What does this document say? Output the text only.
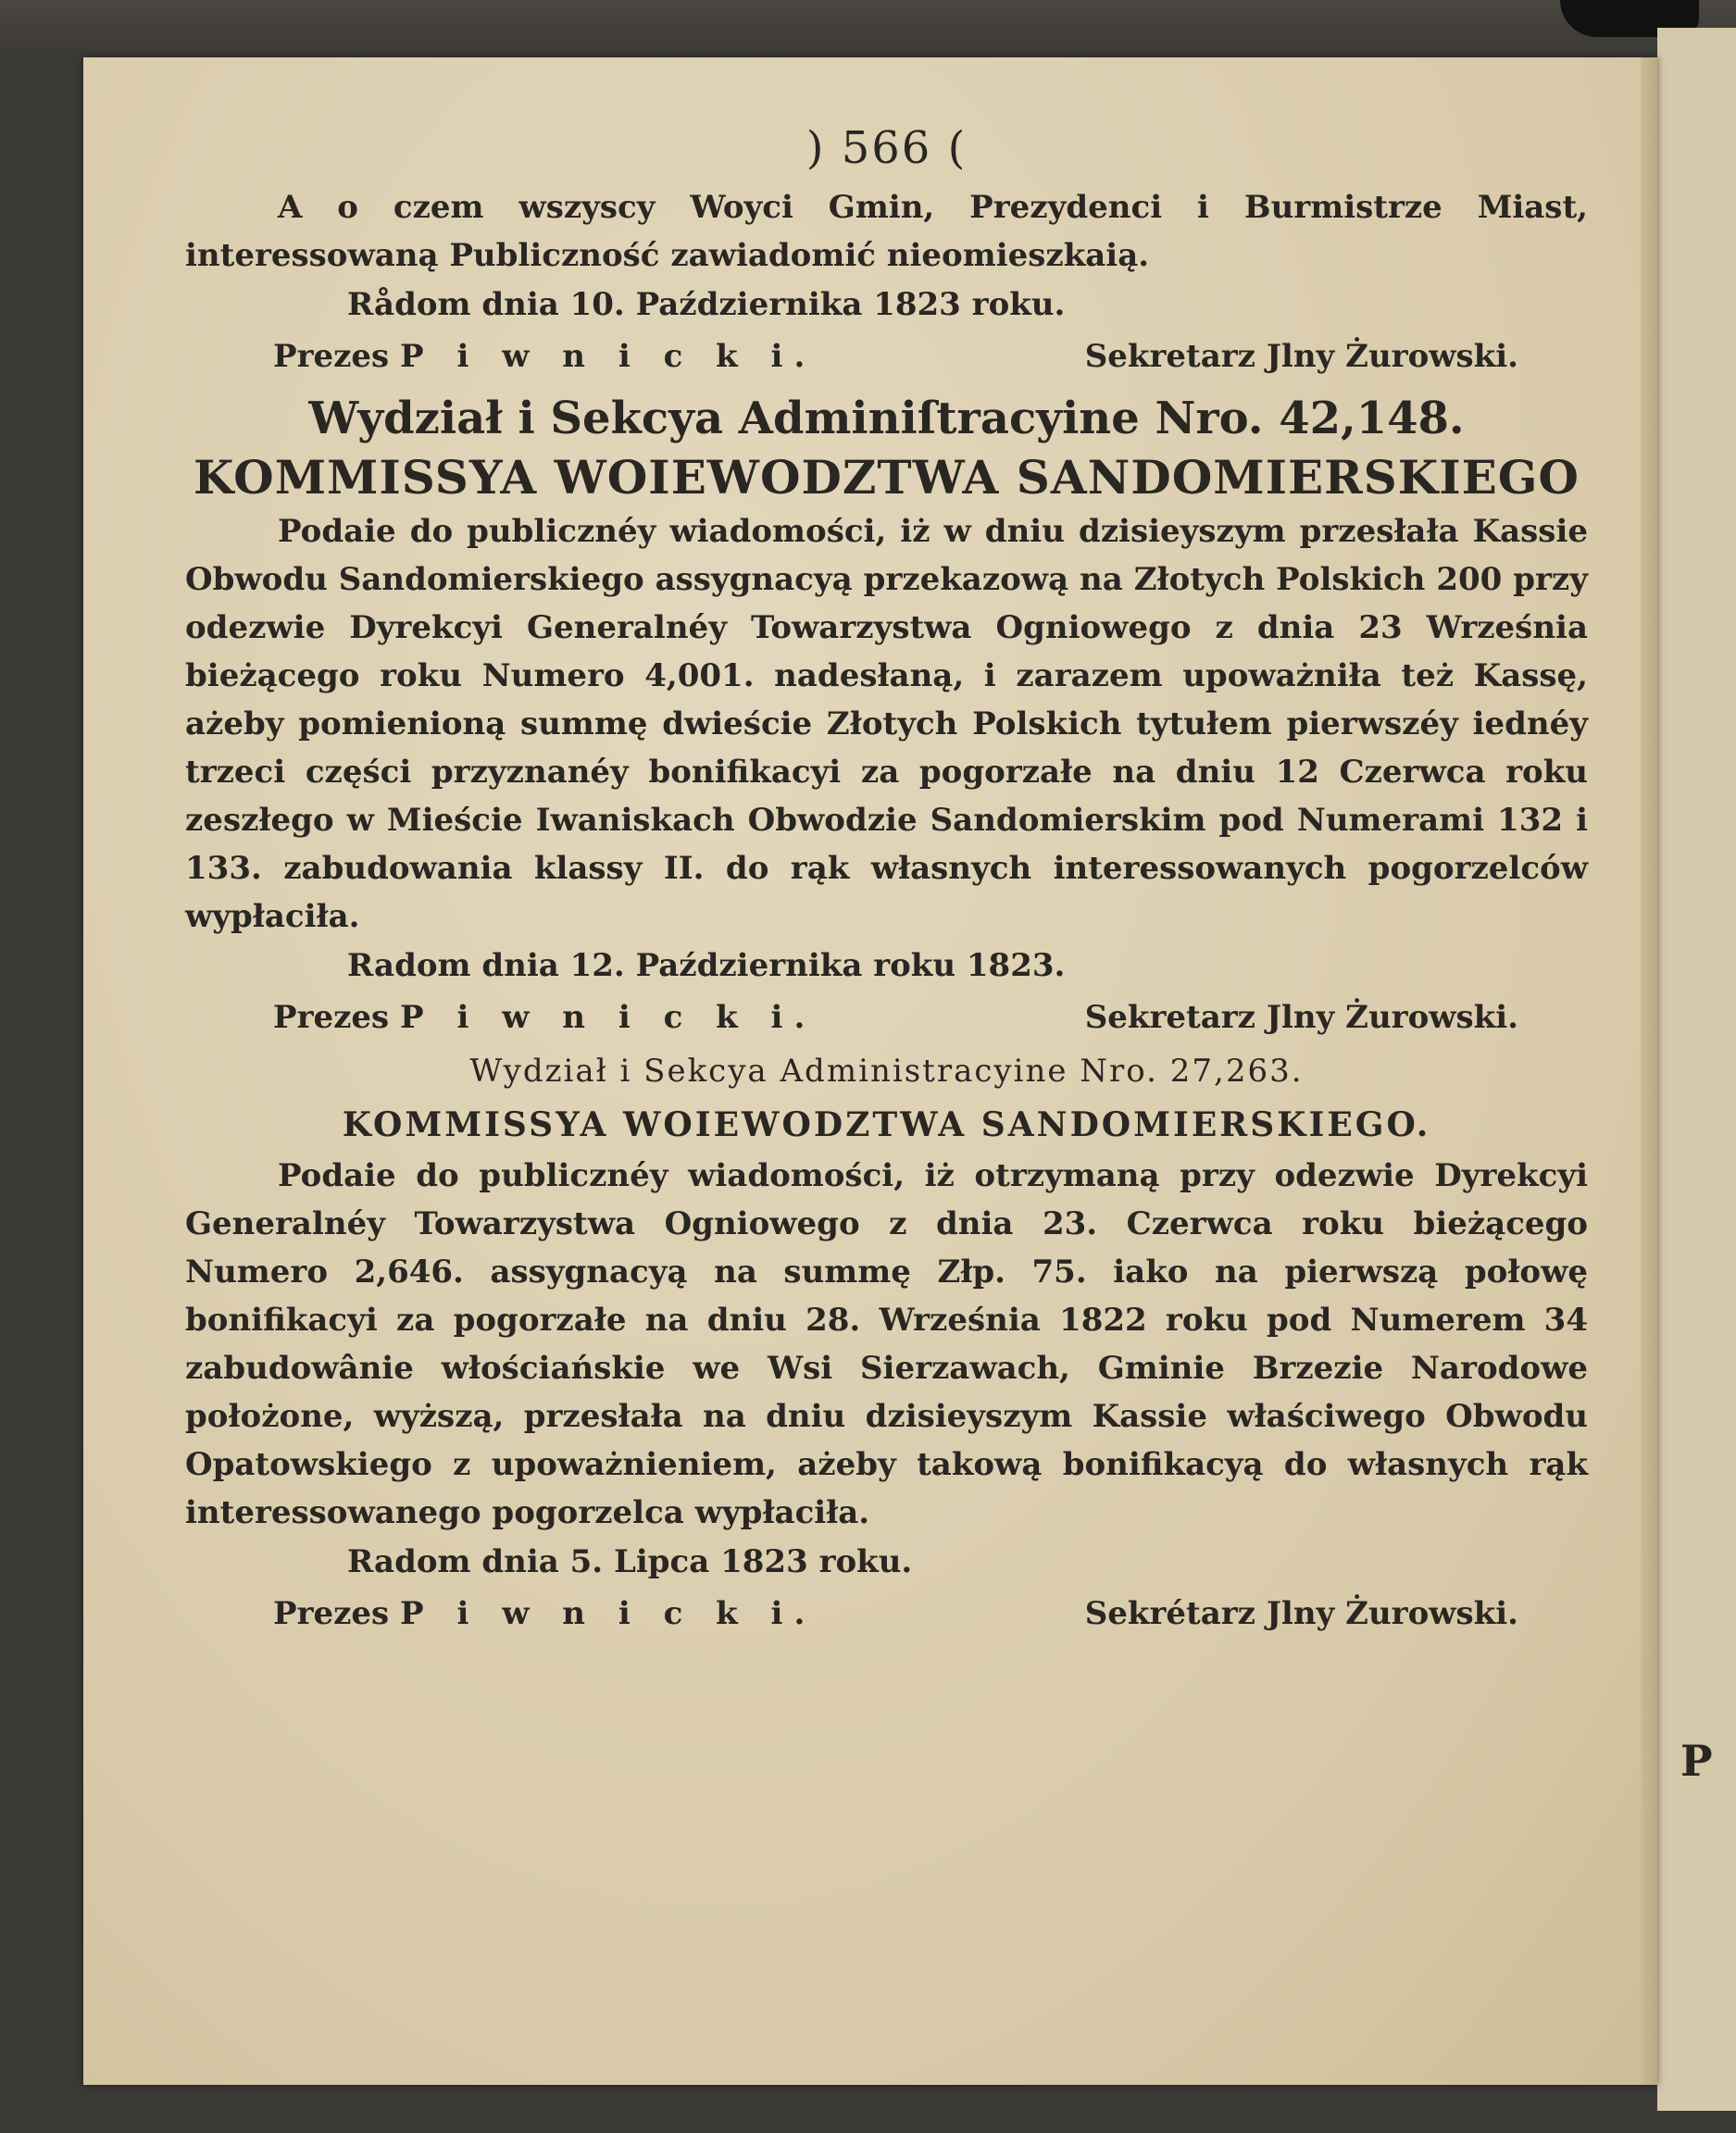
P
) 566 (

A o czem wszyscy Woyci Gmin, Prezydenci i Burmistrze Miast, interessowaną Publiczność zawiadomić nieomieszkaią.

Rådom dnia 10. Października 1823 roku.

Prezes P i w n i c k i.	Sekretarz Jlny Żurowski.
Wydział i Sekcya Adminiſtracyine Nro. 42,148.
KOMMISSYA WOIEWODZTWA SANDOMIERSKIEGO

Podaie do publicznéy wiadomości, iż w dniu dzisieyszym przesłała Kassie Obwodu Sandomierskiego assygnacyą przekazową na Złotych Polskich 200 przy odezwie Dyrekcyi Generalnéy Towarzystwa Ogniowego z dnia 23 Września bieżącego roku Numero 4,001. nadesłaną, i zarazem upoważniła też Kassę, ażeby pomienioną summę dwieście Złotych Polskich tytułem pierwszéy iednéy trzeci części przyznanéy bonifikacyi za pogorzałe na dniu 12 Czerwca roku zeszłego w Mieście Iwaniskach Obwodzie Sandomierskim pod Numerami 132 i 133. zabudowania klassy II. do rąk własnych interessowanych pogorzelców wypłaciła.

Radom dnia 12. Października roku 1823.

Prezes P i w n i c k i.	Sekretarz Jlny Żurowski.
Wydział i Sekcya Administracyine Nro. 27,263.
KOMMISSYA WOIEWODZTWA SANDOMIERSKIEGO.

Podaie do publicznéy wiadomości, iż otrzymaną przy odezwie Dyrekcyi Generalnéy Towarzystwa Ogniowego z dnia 23. Czerwca roku bieżącego Numero 2,646. assygnacyą na summę Złp. 75. iako na pierwszą połowę bonifikacyi za pogorzałe na dniu 28. Września 1822 roku pod Numerem 34 zabudowânie włościańskie we Wsi Sierzawach, Gminie Brzezie Narodowe położone, wyższą, przesłała na dniu dzisieyszym Kassie właściwego Obwodu Opatowskiego z upoważnieniem, ażeby takową bonifikacyą do własnych rąk interessowanego pogorzelca wypłaciła.

Radom dnia 5. Lipca 1823 roku.

Prezes P i w n i c k i.	Sekrétarz Jlny Żurowski.
